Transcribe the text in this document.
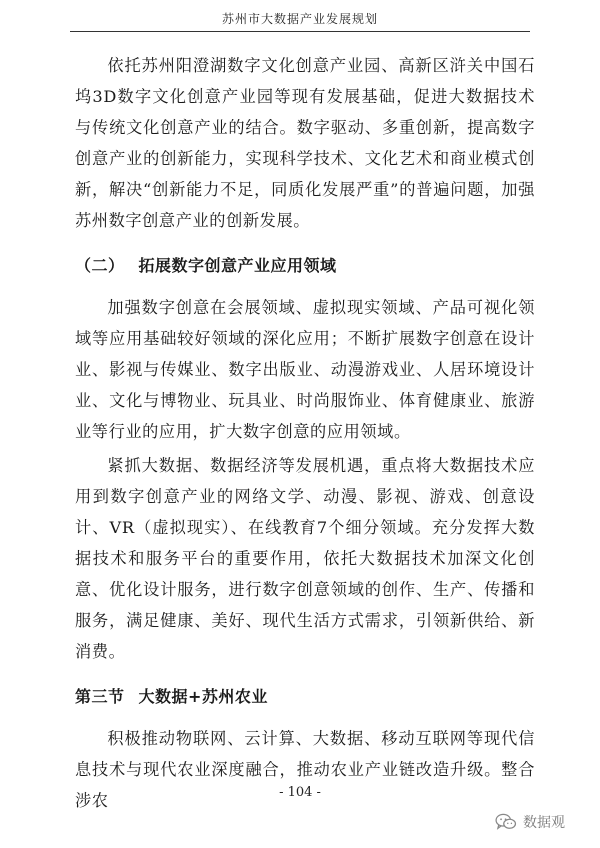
苏州市大数据产业发展规划

依托苏州阳澄湖数字文化创意产业园、高新区浒关中国石坞3D数字文化创意产业园等现有发展基础，促进大数据技术与传统文化创意产业的结合。数字驱动、多重创新，提高数字创意产业的创新能力，实现科学技术、文化艺术和商业模式创新，解决“创新能力不足，同质化发展严重”的普遍问题，加强苏州数字创意产业的创新发展。

（二） 拓展数字创意产业应用领域

加强数字创意在会展领域、虚拟现实领域、产品可视化领域等应用基础较好领域的深化应用；不断扩展数字创意在设计业、影视与传媒业、数字出版业、动漫游戏业、人居环境设计业、文化与博物业、玩具业、时尚服饰业、体育健康业、旅游业等行业的应用，扩大数字创意的应用领域。

紧抓大数据、数据经济等发展机遇，重点将大数据技术应用到数字创意产业的网络文学、动漫、影视、游戏、创意设计、VR（虚拟现实）、在线教育7个细分领域。充分发挥大数据技术和服务平台的重要作用，依托大数据技术加深文化创意、优化设计服务，进行数字创意领域的创作、生产、传播和服务，满足健康、美好、现代生活方式需求，引领新供给、新消费。

第三节 大数据+苏州农业

积极推动物联网、云计算、大数据、移动互联网等现代信息技术与现代农业深度融合，推动农业产业链改造升级。整合涉农	- 104 -
数据观
